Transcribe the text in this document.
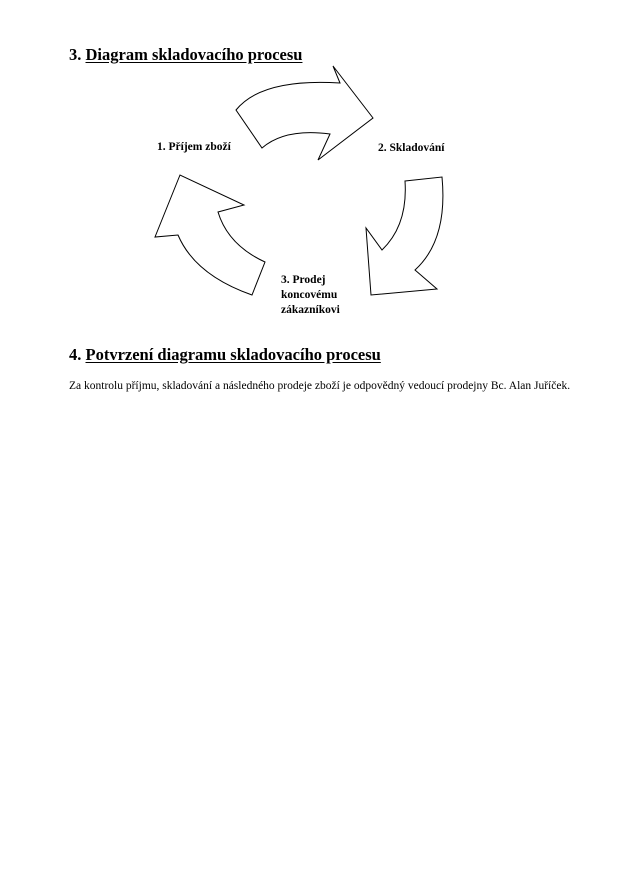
3. Diagram skladovacího procesu
1. Příjem zboží	2. Skladování
3. Prodej
koncovému
zákazníkovi
4. Potvrzení diagramu skladovacího procesu

Za kontrolu příjmu, skladování a následného prodeje zboží je odpovědný vedoucí prodejny Bc. Alan Juříček.
